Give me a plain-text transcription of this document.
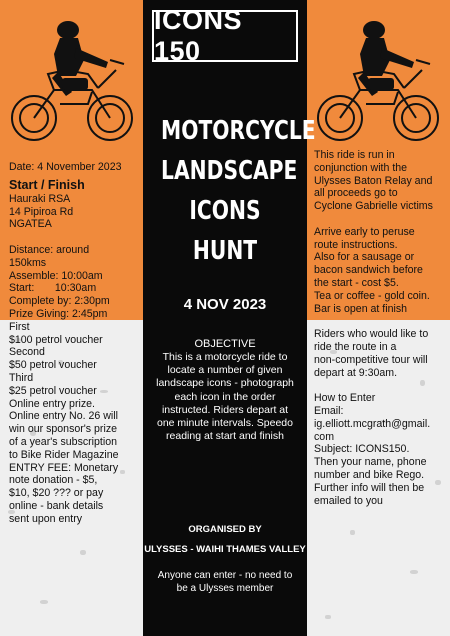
ICONS 150
MOTORCYCLE
LANDSCAPE
ICONS
HUNT
4 NOV 2023
OBJECTIVE
This is a motorcycle ride to
locate a number of given
landscape icons - photograph
each icon in the order
instructed. Riders depart at
one minute intervals. Speedo
reading at start and finish
ORGANISED BY
ULYSSES - WAIHI THAMES VALLEY
Anyone can enter - no need to
be a Ulysses member
Date: 4 November 2023
Start / Finish
Hauraki RSA
14 Pipiroa Rd
NGATEA
Distance: around
150kms
Assemble: 10:00am
Start:       10:30am
Complete by: 2:30pm
Prize Giving: 2:45pm
First
$100 petrol voucher
Second
$50 petrol voucher
Third
$25 petrol voucher
Online entry prize.
Online entry No. 26 will
win our sponsor's prize
of a year's subscription
to Bike Rider Magazine
ENTRY FEE: Monetary
note donation - $5,
$10, $20 ??? or pay
online - bank details
sent upon entry
This ride is run in
conjunction with the
Ulysses Baton Relay and
all proceeds go to
Cyclone Gabrielle victims
Arrive early to peruse
route instructions.
Also for a sausage or
bacon sandwich before
the start - cost $5.
Tea or coffee - gold coin.
Bar is open at finish
Riders who would like to
ride the route in a
non-competitive tour will
depart at 9:30am.
How to Enter
Email:
ig.elliott.mcgrath@gmail.
com
Subject: ICONS150.
Then your name, phone
number and bike Rego.
Further info will then be
emailed to you
